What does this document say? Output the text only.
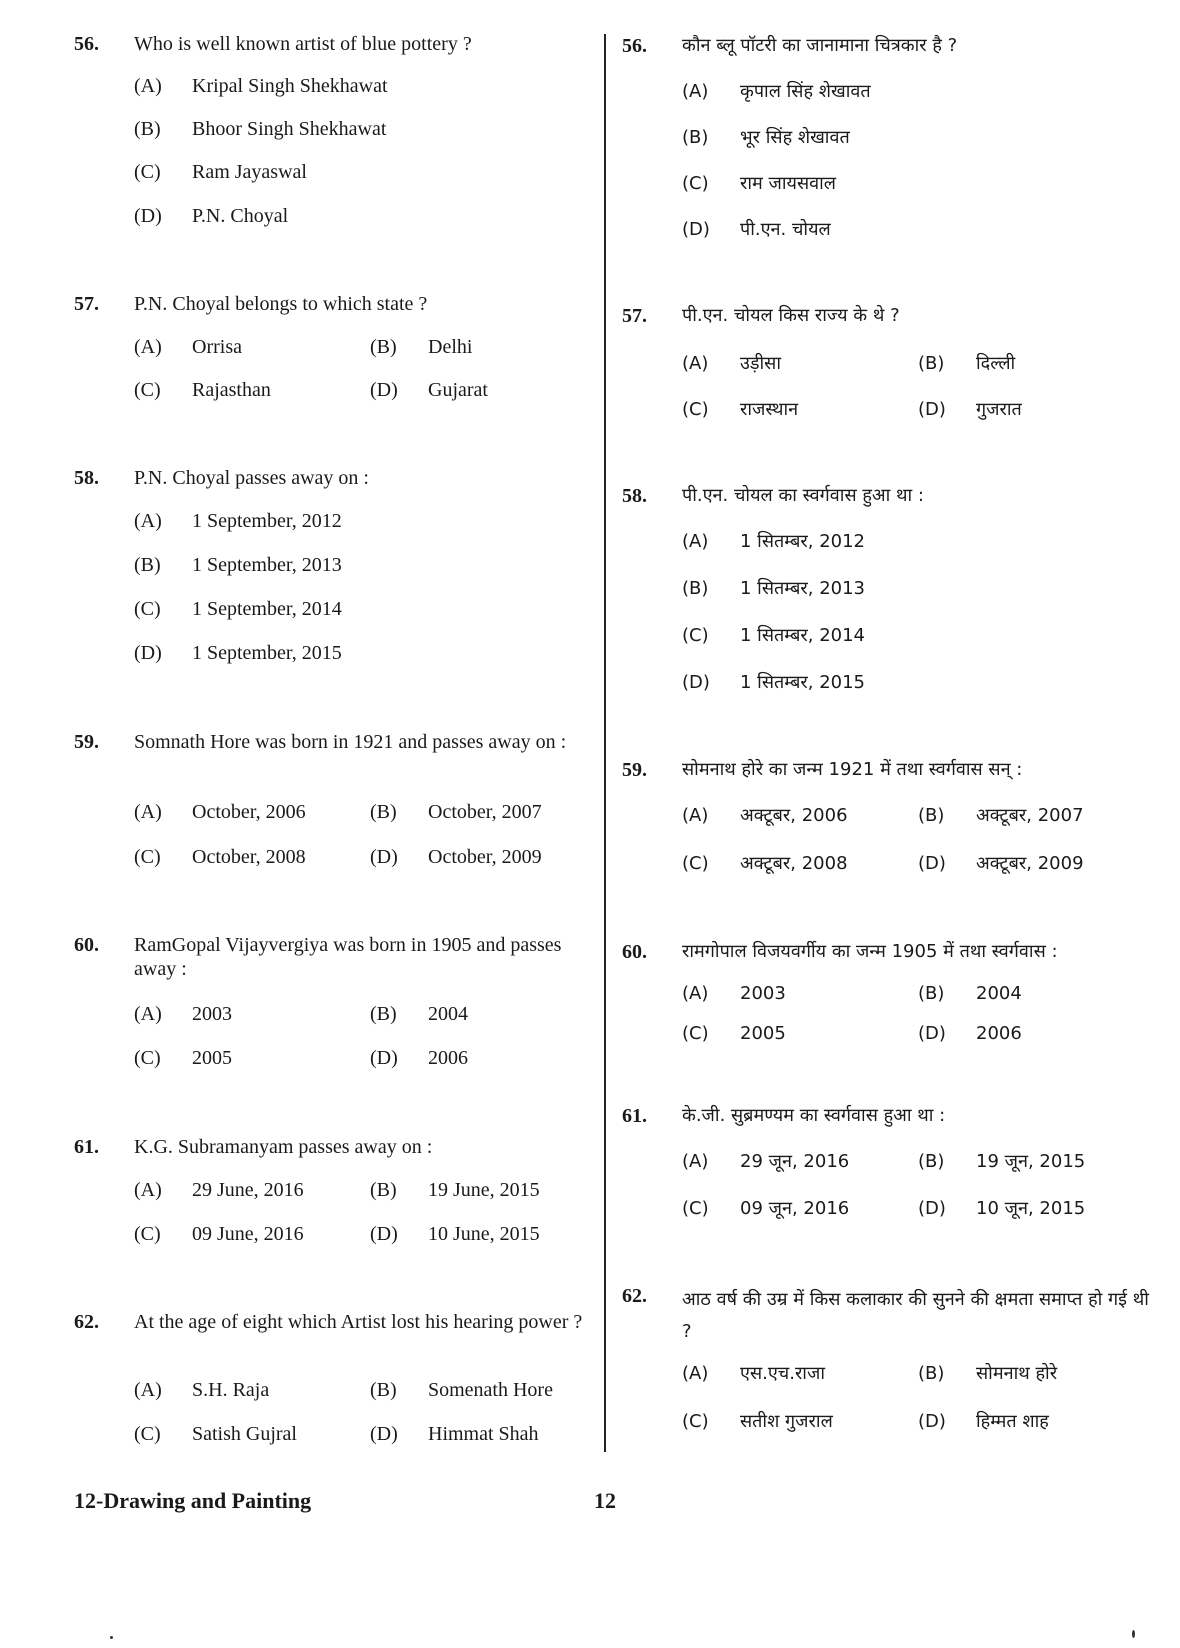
56.	Who is well known artist of blue pottery ?
(A) Kripal Singh Shekhawat
(B) Bhoor Singh Shekhawat
(C) Ram Jayaswal
(D) P.N. Choyal
57.	P.N. Choyal belongs to which state ?
(A) Orrisa	(B) Delhi
(C) Rajasthan	(D) Gujarat
58.	P.N. Choyal passes away on :
(A) 1 September, 2012
(B) 1 September, 2013
(C) 1 September, 2014
(D) 1 September, 2015
59.	Somnath Hore was born in 1921 and passes away on :
(A) October, 2006	(B) October, 2007
(C) October, 2008	(D) October, 2009
60.	RamGopal Vijayvergiya was born in 1905 and passes away :
(A) 2003	(B) 2004
(C) 2005	(D) 2006
61.	K.G. Subramanyam passes away on :
(A) 29 June, 2016	(B) 19 June, 2015
(C) 09 June, 2016	(D) 10 June, 2015
62.	At the age of eight which Artist lost his hearing power ?
(A) S.H. Raja	(B) Somenath Hore
(C) Satish Gujral	(D) Himmat Shah
56.	कौन ब्लू पॉटरी का जानामाना चित्रकार है ?
(A) कृपाल सिंह शेखावत
(B) भूर सिंह शेखावत
(C) राम जायसवाल
(D) पी.एन. चोयल
57.	पी.एन. चोयल किस राज्य के थे ?
(A) उड़ीसा	(B) दिल्ली
(C) राजस्थान	(D) गुजरात
58.	पी.एन. चोयल का स्वर्गवास हुआ था :
(A) 1 सितम्बर, 2012
(B) 1 सितम्बर, 2013
(C) 1 सितम्बर, 2014
(D) 1 सितम्बर, 2015
59.	सोमनाथ होरे का जन्म 1921 में तथा स्वर्गवास सन् :
(A) अक्टूबर, 2006	(B) अक्टूबर, 2007
(C) अक्टूबर, 2008	(D) अक्टूबर, 2009
60.	रामगोपाल विजयवर्गीय का जन्म 1905 में तथा स्वर्गवास :
(A) 2003	(B) 2004
(C) 2005	(D) 2006
61.	के.जी. सुब्रमण्यम का स्वर्गवास हुआ था :
(A) 29 जून, 2016	(B) 19 जून, 2015
(C) 09 जून, 2016	(D) 10 जून, 2015
62.	आठ वर्ष की उम्र में किस कलाकार की सुनने की क्षमता समाप्त हो गई थी ?
(A) एस.एच.राजा	(B) सोमनाथ होरे
(C) सतीश गुजराल	(D) हिम्मत शाह
12-Drawing and Painting	12
